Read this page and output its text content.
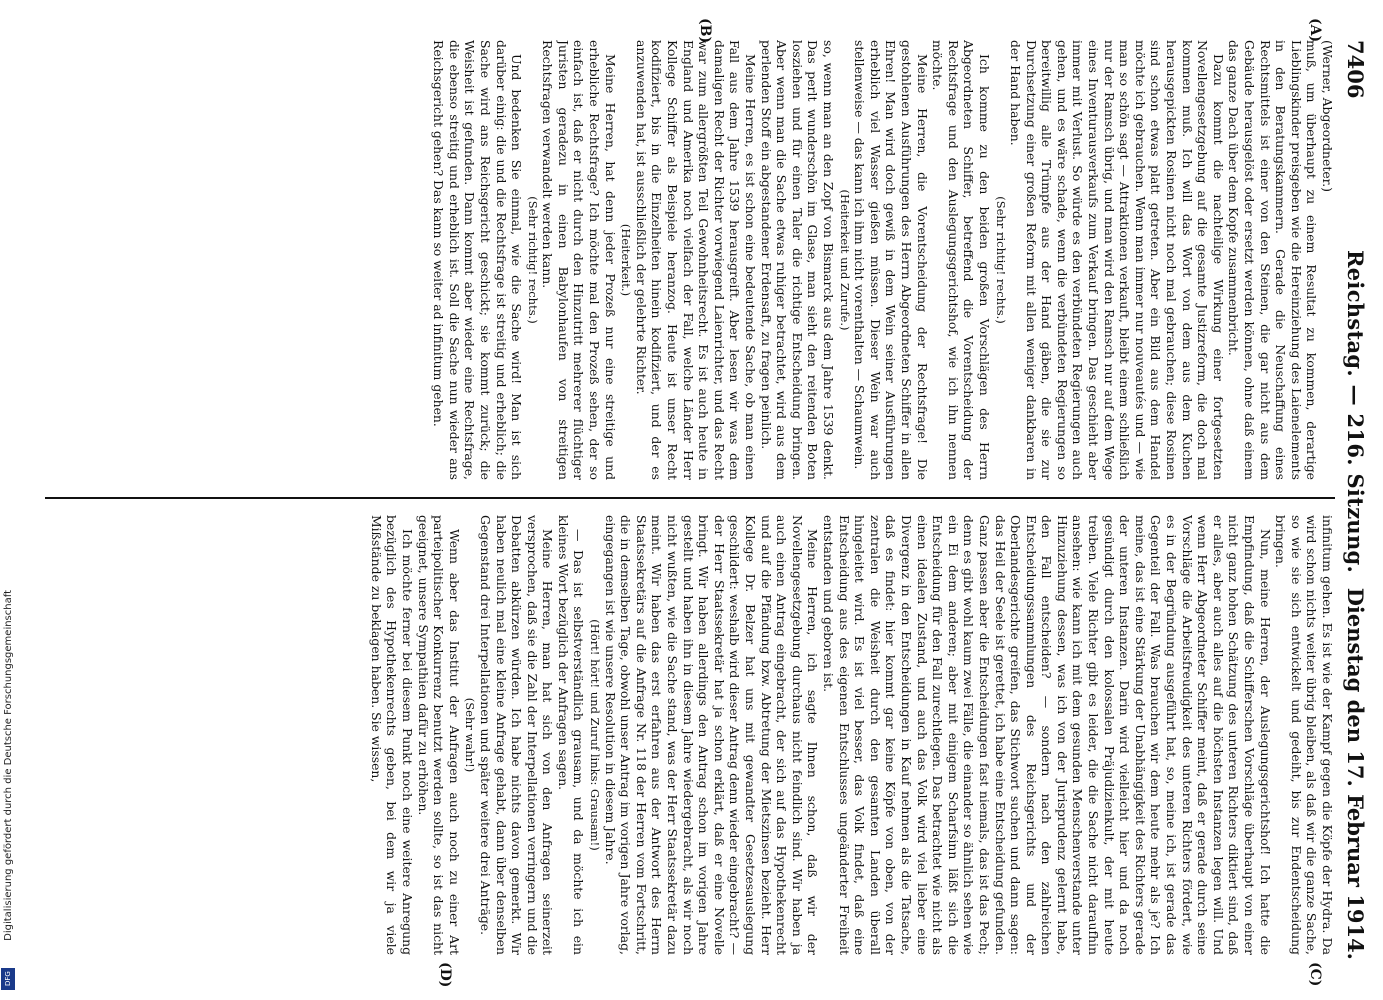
7406
Reichstag. — 216. Sitzung.
Dienstag den 17. Februar 1914.
(A)
(B)
(C)
(D)

(Werner, Abgeordneter.)

muß, um überhaupt zu einem Resultat zu kommen, derartige Lieblingskinder preisgeben wie die Hereinziehung des Laienelements in den Beratungskammern. Gerade die Neuschaffung eines Rechtsmittels ist einer von den Steinen, die gar nicht aus dem Gebäude herausgelöst oder ersetzt werden können, ohne daß einem das ganze Dach über dem Kopfe zusammenbricht.

Dazu kommt die nachteilige Wirkung einer fortgesetzten Novellengesetzgebung auf die gesamte Justizreform, die doch mal kommen muß. Ich will das Wort von dem aus dem Kuchen herausgepickten Rosinen nicht noch mal gebrauchen; diese Rosinen sind schon etwas platt getreten. Aber ein Bild aus dem Handel möchte ich gebrauchen. Wenn man immer nur nouveautés und — wie man so schön sagt — Attraktionen verkauft, bleibt einem schließlich nur der Ramsch übrig, und man wird den Ramsch nur auf dem Wege eines Inventurausverkaufs zum Verkauf bringen. Das geschieht aber immer mit Verlust. So würde es den verbündeten Regierungen auch gehen, und es wäre schade, wenn die verbündeten Regierungen so bereitwillig alle Trümpfe aus der Hand gäben, die sie zur Durchsetzung einer großen Reform mit allen weniger dankbaren in der Hand haben.

(Sehr richtig! rechts.)

Ich komme zu den beiden großen Vorschlägen des Herrn Abgeordneten Schiffer, betreffend die Vorentscheidung der Rechtsfrage und den Auslegungsgerichtshof, wie ich ihn nennen möchte.

Meine Herren, die Vorentscheidung der Rechtsfrage! Die gestohlenen Ausführungen des Herrn Abgeordneten Schiffer in allen Ehren! Man wird doch gewiß in dem Wein seiner Ausführungen erheblich viel Wasser gießen müssen. Dieser Wein war auch stellenweise — das kann ich ihm nicht vorenthalten — Schaumwein.

(Heiterkeit und Zurufe.)

so, wenn man an den Zopf von Bismarck aus dem Jahre 1539 denkt. Das perlt wunderschön im Glase, man sieht den reitenden Boten losziehen und für einen Taler die richtige Entscheidung bringen. Aber wenn man die Sache etwas ruhiger betrachtet, wird aus dem perlenden Stoff ein abgestandener Erdensaft, zu fragen peinlich.

Meine Herren, es ist schon eine bedeutende Sache, ob man einen Fall aus dem Jahre 1539 herausgreift. Aber lesen wir was dem damaligen Recht der Richter vorwiegend Laienrichter, und das Recht war zum allergrößten Teil Gewohnheitsrecht. Es ist auch heute in England und Amerika noch vielfach der Fall, welche Länder Herr Kollege Schiffer als Beispiele heranzog. Heute ist unser Recht kodifiziert, bis in die Einzelheiten hinein kodifiziert, und der es anzuwenden hat, ist ausschließlich der gelehrte Richter.

(Heiterkeit.)

Meine Herren, hat denn jeder Prozeß nur eine streitige und erhebliche Rechtsfrage? Ich möchte mal den Prozeß sehen, der so einfach ist, daß er nicht durch den Hinzutritt mehrerer flüchtiger Juristen geradezu in einen Babylonhaufen von streitigen Rechtsfragen verwandelt werden kann.

(Sehr richtig! rechts.)

Und bedenken Sie einmal, wie die Sache wird! Man ist sich darüber einig: die und die Rechtsfrage ist streitig und erheblich; die Sache wird ans Reichsgericht geschickt; sie kommt zurück; die Weisheit ist gefunden. Dann kommt aber wieder eine Rechtsfrage, die ebenso streitig und erheblich ist. Soll die Sache nun wieder ans Reichsgericht gehen? Das kann so weiter ad infinitum gehen.

infinitum gehen. Es ist wie der Kampf gegen die Köpfe der Hydra. Da wird schon nichts weiter übrig bleiben, als daß wir die ganze Sache, so wie sie sich entwickelt und gedeiht, bis zur Endentscheidung bringen.

Nun, meine Herren, der Auslegungsgerichtshof! Ich hatte die Empfindung, daß die Schifferschen Vorschläge überhaupt von einer nicht ganz hohen Schätzung des unteren Richters diktiert sind, daß er alles, aber auch alles auf die höchsten Instanzen legen will. Und wenn Herr Abgeordneter Schiffer meint, daß er gerade durch seine Vorschläge die Arbeitsfreudigkeit des unteren Richters fördert, wie es in der Begründung ausgeführt hat, so, meine ich, ist gerade das Gegenteil der Fall. Was brauchen wir dem heute mehr als je? Ich meine, das ist eine Stärkung der Unabhängigkeit des Richters gerade der unteren Instanzen. Darin wird vielleicht hier und da noch gesündigt durch den kolossalen Präjudizienkult, der mit heute treiben. Viele Richter gibt es leider, die die Sache nicht daraufhin ansehen: wie kann ich mit dem gesunden Menschenverstande unter Hinzuziehung dessen, was ich von der Jurisprudenz gelernt habe, den Fall entscheiden? — sondern nach den zahlreichen Entscheidungssammlungen des Reichsgerichts und der Oberlandesgerichte greifen, das Stichwort suchen und dann sagen: das Heil der Seele ist gerettet, ich habe eine Entscheidung gefunden. Ganz passen aber die Entscheidungen fast niemals, das ist das Pech; denn es gibt wohl kaum zwei Fälle, die einander so ähnlich sehen wie ein Ei dem anderen; aber mit einigem Scharfsinn läßt sich die Entscheidung für den Fall zurechtlegen. Das betrachtet wie nicht als einen idealen Zustand, und auch das Volk wird viel lieber eine Divergenz in den Entscheidungen in Kauf nehmen als die Tatsache, daß es findet: hier kommt gar keine Köpfe von oben, von der zentralen die Weisheit durch den gesamten Landen überall hingeleitet wird. Es ist viel besser, das Volk findet, daß eine Entscheidung aus des eigenen Entschlusses ungeänderter Freiheit entstanden und geboren ist.

Meine Herren, ich sagte Ihnen schon, daß wir der Novellengesetzgebung durchaus nicht feindlich sind. Wir haben ja auch einen Antrag eingebracht, der sich auf das Hypothekenrecht und auf die Pfändung bzw. Abtretung der Mietszinsen bezieht. Herr Kollege Dr. Belzer hat uns mit gewandter Gesetzesauslegung geschildert: weshalb wird dieser Antrag denn wieder eingebracht? — der Herr Staatssekretär hat ja schon erklärt, daß er eine Novelle bringt. Wir haben allerdings den Antrag schon im vorigen Jahre gestellt und haben ihn in diesem Jahre wiedergebracht, als wir noch nicht wußten, wie die Sache stand, was der Herr Staatssekretär dazu meint. Wir haben das erst erfahren aus der Antwort des Herrn Staatssekretärs auf die Anfrage Nr. 118 der Herren vom Fortschritt, die in demselben Tage, obwohl unser Antrag im vorigen Jahre vorlag, eingegangen ist wie unsere Resolution in diesem Jahre.

(Hört! hört! und Zuruf links: Grausam!)

— Das ist selbstverständlich grausam, und da möchte ich ein kleines Wort bezüglich der Anfragen sagen.

Meine Herren, man hat sich von den Anfragen seinerzeit versprochen, daß sie die Zahl der Interpellationen verringern und die Debatten abkürzen würden. Ich habe nichts davon gemerkt. Wir haben neulich mal eine kleine Anfrage gehabt, dann über denselben Gegenstand drei Interpellationen und später weitere drei Anträge.

(Sehr wahr!)

Wenn aber das Institut der Anfragen auch noch zu einer Art parteipolitischer Konkurrenz benutzt werden sollte, so ist das nicht geeignet, unsere Sympathien dafür zu erhöhen.

Ich möchte ferner bei diesem Punkt noch eine weitere Anregung bezüglich des Hypothekenrechts geben, bei dem wir ja viele Mißstände zu beklagen haben. Sie wissen,

Digitalisierung gefördert durch die Deutsche Forschungsgemeinschaft
DFG
